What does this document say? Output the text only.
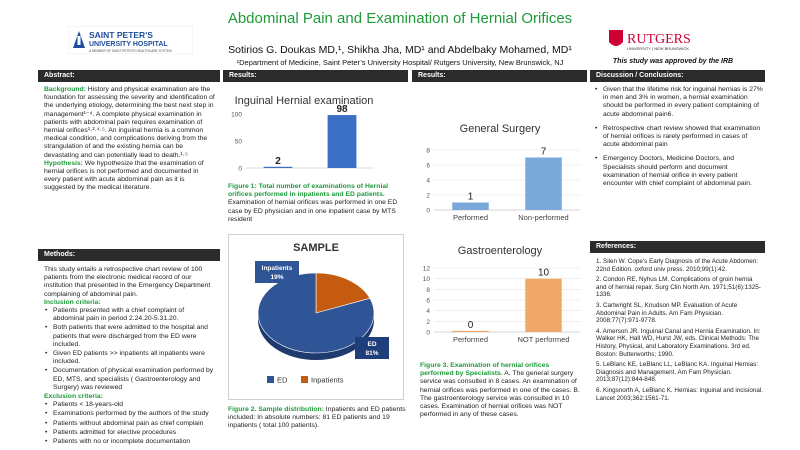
Abdominal Pain and Examination of Hernial Orifices
SAINT PETER'S
UNIVERSITY HOSPITAL
A MEMBER OF SAINT PETER'S HEALTHCARE SYSTEM
RUTGERS
UNIVERSITY | NEW BRUNSWICK
Sotirios G. Doukas MD,¹, Shikha Jha, MD¹ and Abdelbaky Mohamed, MD¹
¹Department of Medicine, Saint Peter’s University Hospital/ Rutgers University, New Brunswick, NJ	This study was approved by the IRB
Abstract:	Results:	Results:	Discussion / Conclusions:

Background: History and physical examination are the foundation for assessing the severity and identification of the underlying etiology, determining the best next step in management¹⁻⁴. A complete physical examination in patients with abdominal pain requires examination of hernial orifices¹·²·⁴·⁵. An inguinal hernia is a common medical condition, and complications deriving from the strangulation of and the existing hernia can be devastating and can potentially lead to death.¹·⁵

Hypothesis: We hypothesize that the examination of hernial orifices is not performed and documented in every patient with acute abdominal pain as it is suggested by the medical literature.

Methods:

This study entails a retrospective chart review of 100 patients from the electronic medical record of our institution that presented in the Emergency Department complaining of abdominal pain.

Inclusion criteria:

• Patients presented with a chief complaint of abdominal pain in period 2.24.20-5.31.20.
• Both patients that were admitted to the hospital and patients that were discharged from the ED were included.
• Given ED patients >> inpatients all inpatients were included.
• Documentation of physical examination performed by ED, MTS, and specialists ( Gastroenterology and Surgery) was reviewed

Exclusion criteria:

• Patients < 18-years-old
• Examinations performed by the authors of the study
• Patients without abdominal pain as chief complain
• Patients admitted for elective procedures
• Patients with no or incomplete documentation
Inguinal Hernial examination
0
50
100
2
98
Figure 1: Total number of examinations of Hernial orifices performed in inpatients and ED patients. Examination of hernial orifices was performed in one ED case by ED physician and in one inpatient case by MTS resident
SAMPLE
Inpatients
19%
ED
81%
ED	Inpatients
Figure 2. Sample distribution: Inpatients and ED patients included: In absolute numbers: 81 ED patients and 19 inpatients ( total 100 patients).
General Surgery
0
2
4
6
8
1
Performed
7
Non-performed
Gastroenterology
0
2
4
6
8
10
12
0
Performed
10
NOT performed
Figure 3. Examination of hernial orifices performed by Specialists. A. The general surgery service was consulted in 8 cases. An examination of hernial orifices was performed in one of the cases. B. The gastroenterology service was consulted in 10 cases. Examination of hernial orifices was NOT performed in any of these cases.
• Given that the lifetime risk for inguinal hernias is 27% in men and 3% in women, a hernial examination should be performed in every patient complaining of acute abdominal pain6.
• Retrospective chart review showed that examination of hernial orifices is rarely performed in cases of acute abdominal pain
• Emergency Doctors, Medicine Doctors, and Specialists should perform and document examination of hernial orifice in every patient encounter with chief complaint of abdominal pain.
References:

1. Silen W. Cope’s Early Diagnosis of the Acute Abdomen: 22nd Edition. oxford univ press. 2010;99(1):42.

2. Condon RE, Nyhus LM. Complications of groin hernia and of hernial repair. Surg Clin North Am. 1971;51(6):1325-1336.

3. Cartwright SL, Knudson MP. Evaluation of Acute Abdominal Pain in Adults. Am Fam Physician. 2008;77(7):971-9778.

4. Amerson JR. Inguinal Canal and Hernia Examination. In: Walker HK, Hall WD, Hurst JW, eds. Clinical Methods: The History, Physical, and Laboratory Examinations. 3rd ed. Boston: Butterworths; 1990.

5. LeBlanc KE, LeBlanc LL, LeBlanc KA. Inguinal Hernias: Diagnosis and Management. Am Fam Physician. 2013;87(12):844-848.

6. Kingsnorth A, LeBlanc K. Hernias: inguinal and incisional. Lancet 2003;362:1561-71.
